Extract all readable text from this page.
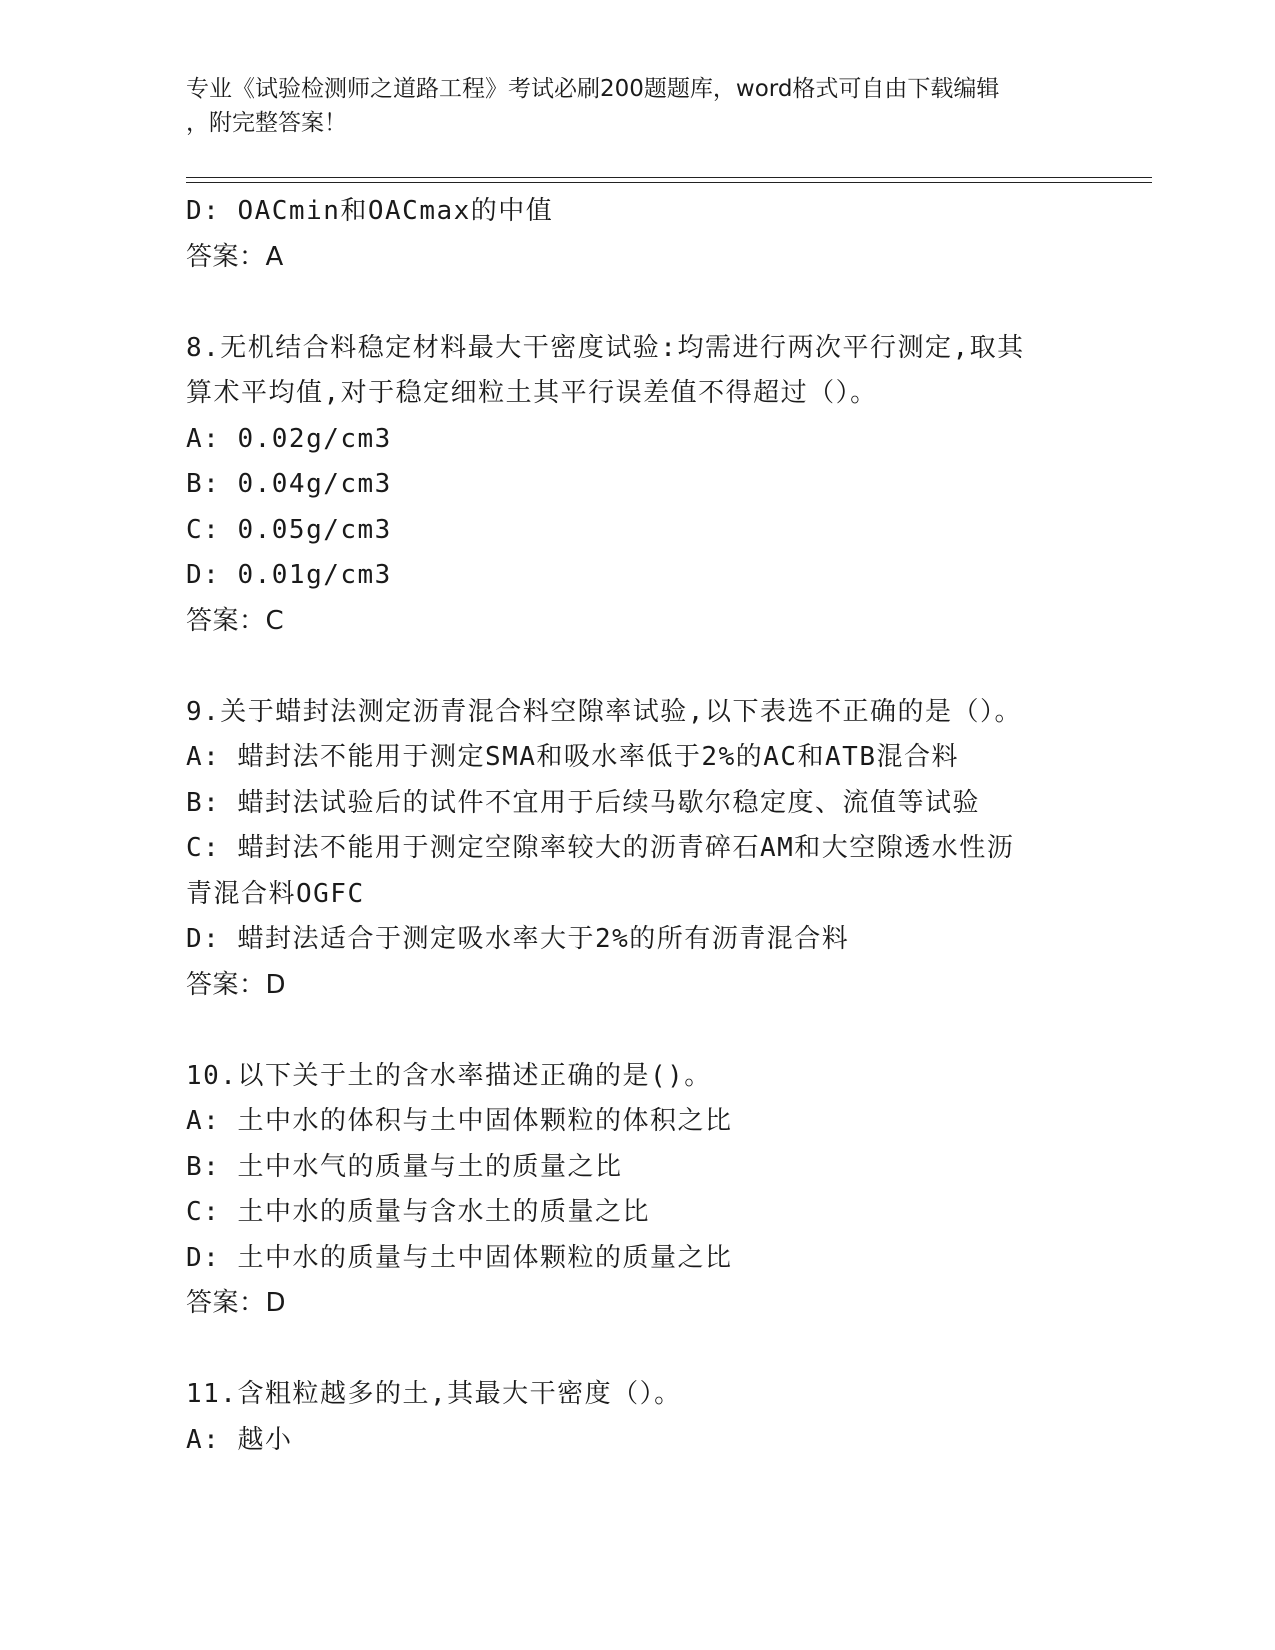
专业《试验检测师之道路工程》考试必刷200题题库，word格式可自由下载编辑
，附完整答案！
D: OACmin和OACmax的中值
答案：A
8.无机结合料稳定材料最大干密度试验:均需进行两次平行测定,取其
算术平均值,对于稳定细粒土其平行误差值不得超过（）。
A: 0.02g/cm3
B: 0.04g/cm3
C: 0.05g/cm3
D: 0.01g/cm3
答案：C
9.关于蜡封法测定沥青混合料空隙率试验,以下表选不正确的是（）。
A: 蜡封法不能用于测定SMA和吸水率低于2%的AC和ATB混合料
B: 蜡封法试验后的试件不宜用于后续马歇尔稳定度、流值等试验
C: 蜡封法不能用于测定空隙率较大的沥青碎石AM和大空隙透水性沥
青混合料OGFC
D: 蜡封法适合于测定吸水率大于2%的所有沥青混合料
答案：D
10.以下关于土的含水率描述正确的是()。
A: 土中水的体积与土中固体颗粒的体积之比
B: 土中水气的质量与土的质量之比
C: 土中水的质量与含水土的质量之比
D: 土中水的质量与土中固体颗粒的质量之比
答案：D
11.含粗粒越多的土,其最大干密度（）。
A: 越小
